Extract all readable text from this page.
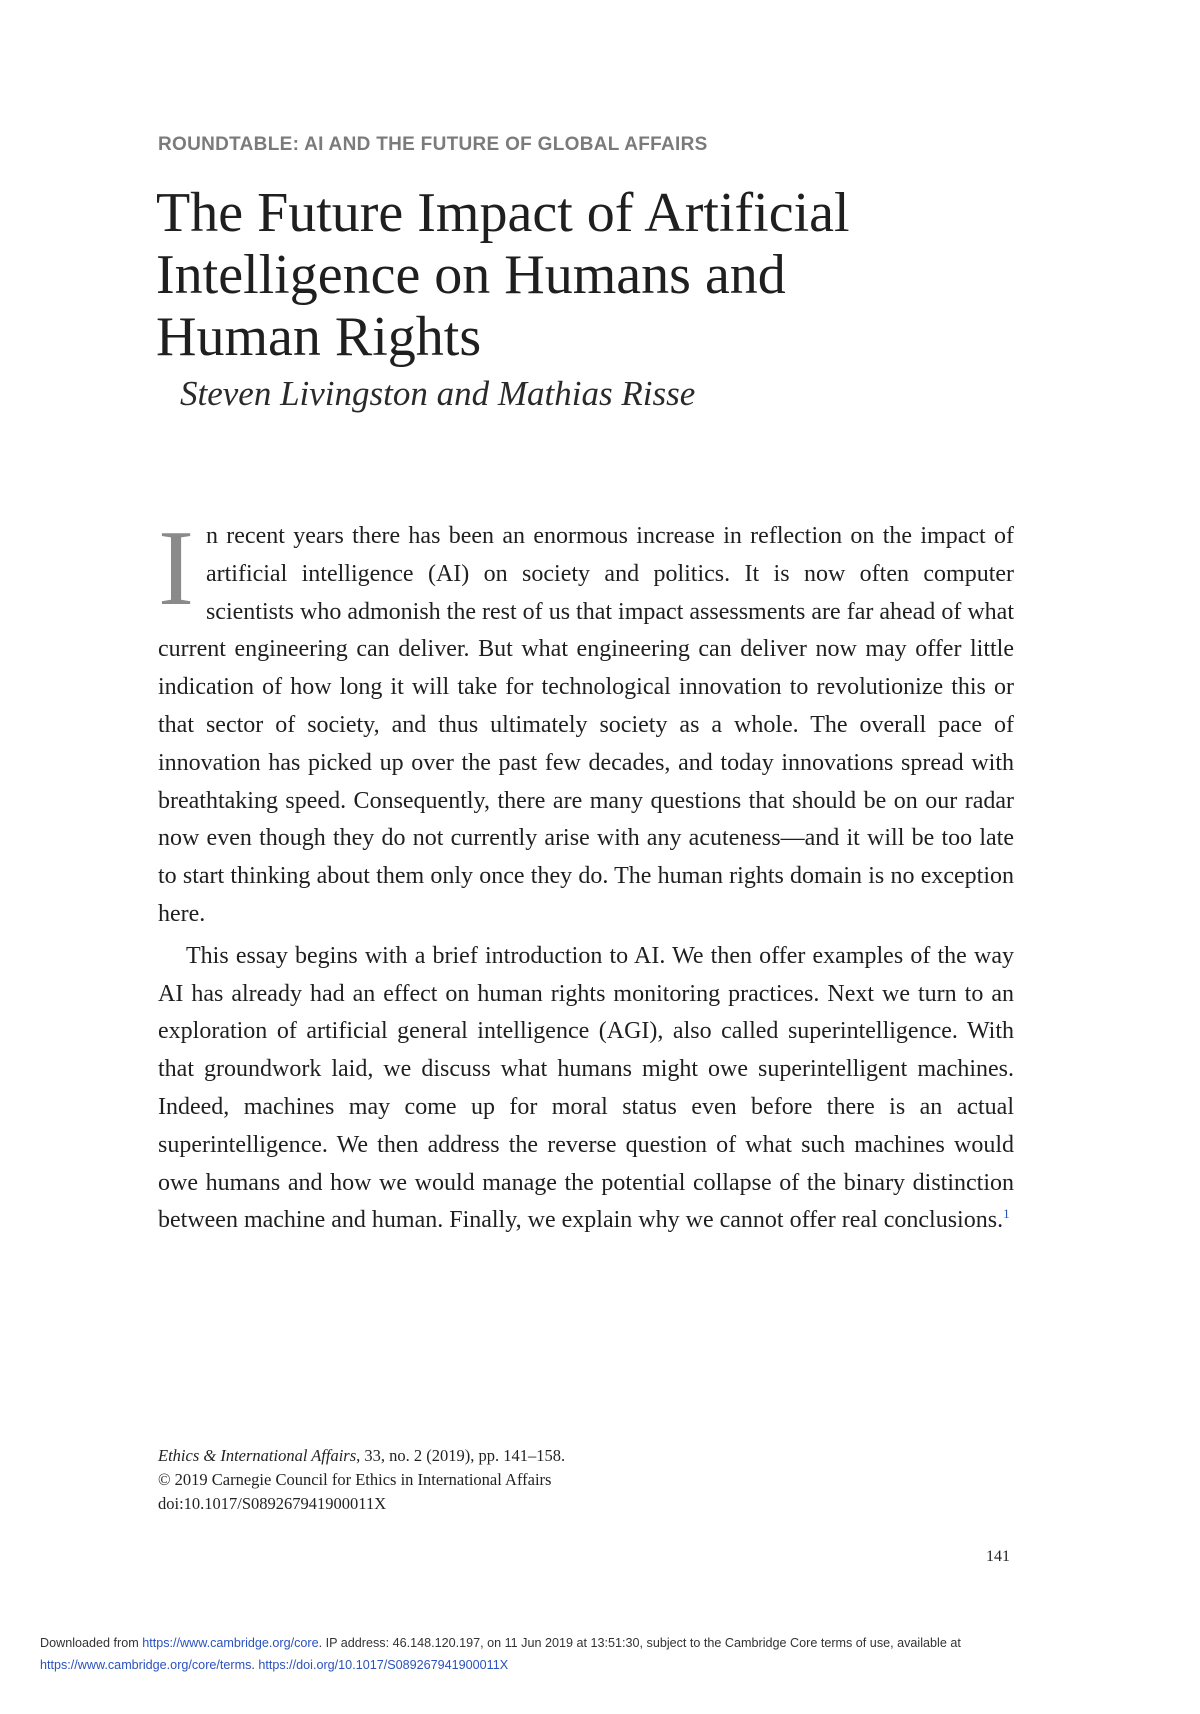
ROUNDTABLE: AI AND THE FUTURE OF GLOBAL AFFAIRS
The Future Impact of Artificial
Intelligence on Humans and
Human Rights
Steven Livingston and Mathias Risse

In recent years there has been an enormous increase in reflection on the impact of artificial intelligence (AI) on society and politics. It is now often computer scientists who admonish the rest of us that impact assessments are far ahead of what current engineering can deliver. But what engineering can deliver now may offer little indication of how long it will take for technological innovation to revolutionize this or that sector of society, and thus ultimately society as a whole. The overall pace of innovation has picked up over the past few decades, and today innovations spread with breathtaking speed. Consequently, there are many questions that should be on our radar now even though they do not currently arise with any acuteness—and it will be too late to start thinking about them only once they do. The human rights domain is no exception here.

This essay begins with a brief introduction to AI. We then offer examples of the way AI has already had an effect on human rights monitoring practices. Next we turn to an exploration of artificial general intelligence (AGI), also called superintelligence. With that groundwork laid, we discuss what humans might owe superintelligent machines. Indeed, machines may come up for moral status even before there is an actual superintelligence. We then address the reverse question of what such machines would owe humans and how we would manage the potential collapse of the binary distinction between machine and human. Finally, we explain why we cannot offer real conclusions.$^1$

Ethics & International Affairs, 33, no. 2 (2019), pp. 141–158.
© 2019 Carnegie Council for Ethics in International Affairs
doi:10.1017/S089267941900011X
141
Downloaded from https://www.cambridge.org/core. IP address: 46.148.120.197, on 11 Jun 2019 at 13:51:30, subject to the Cambridge Core terms of use, available at
https://www.cambridge.org/core/terms. https://doi.org/10.1017/S089267941900011X
